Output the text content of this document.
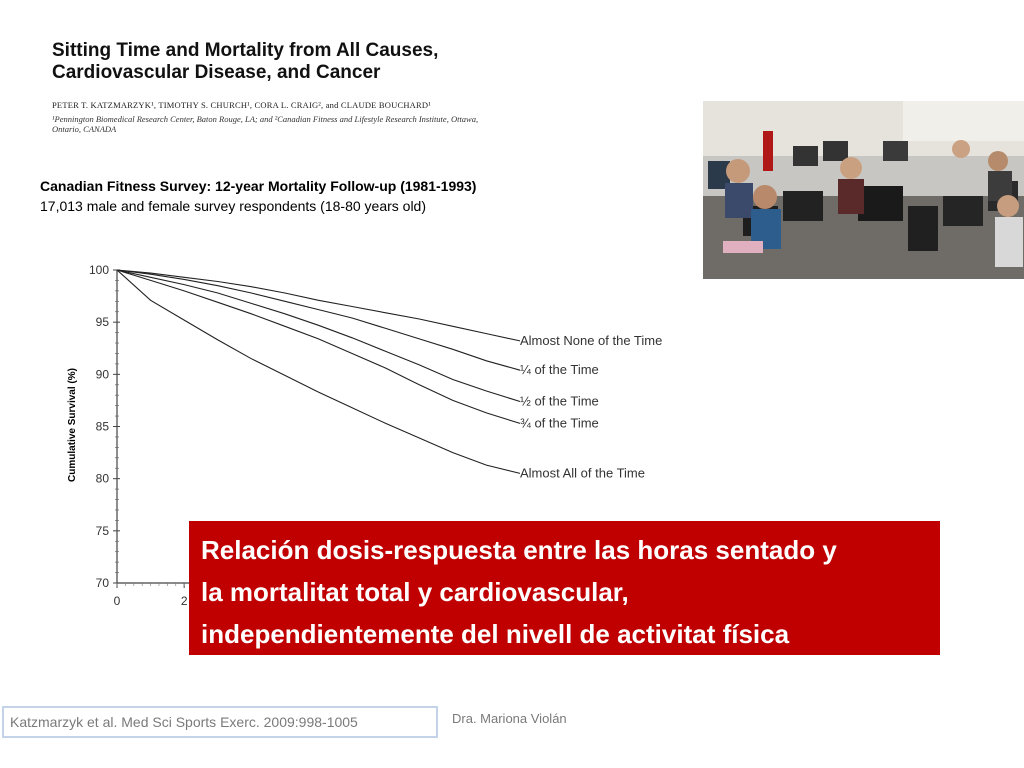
Sitting Time and Mortality from All Causes,
Cardiovascular Disease, and Cancer
PETER T. KATZMARZYK¹, TIMOTHY S. CHURCH¹, CORA L. CRAIG², and CLAUDE BOUCHARD¹
¹Pennington Biomedical Research Center, Baton Rouge, LA; and ²Canadian Fitness and Lifestyle Research Institute, Ottawa,
Ontario, CANADA
Canadian Fitness Survey: 12-year Mortality Follow-up (1981-1993)
17,013 male and female survey respondents (18-80 years old)
100
95
90
85
80
75
70
0	2
Almost None of the Time
¼ of the Time
½ of the Time
¾ of the Time
Almost All of the Time
Cumulative Survival (%)
Relación dosis-respuesta entre las horas sentado y
la mortalitat total y cardiovascular,
independientemente del nivell de activitat física
Katzmarzyk et al. Med Sci Sports Exerc. 2009:998-1005	Dra. Mariona Violán
